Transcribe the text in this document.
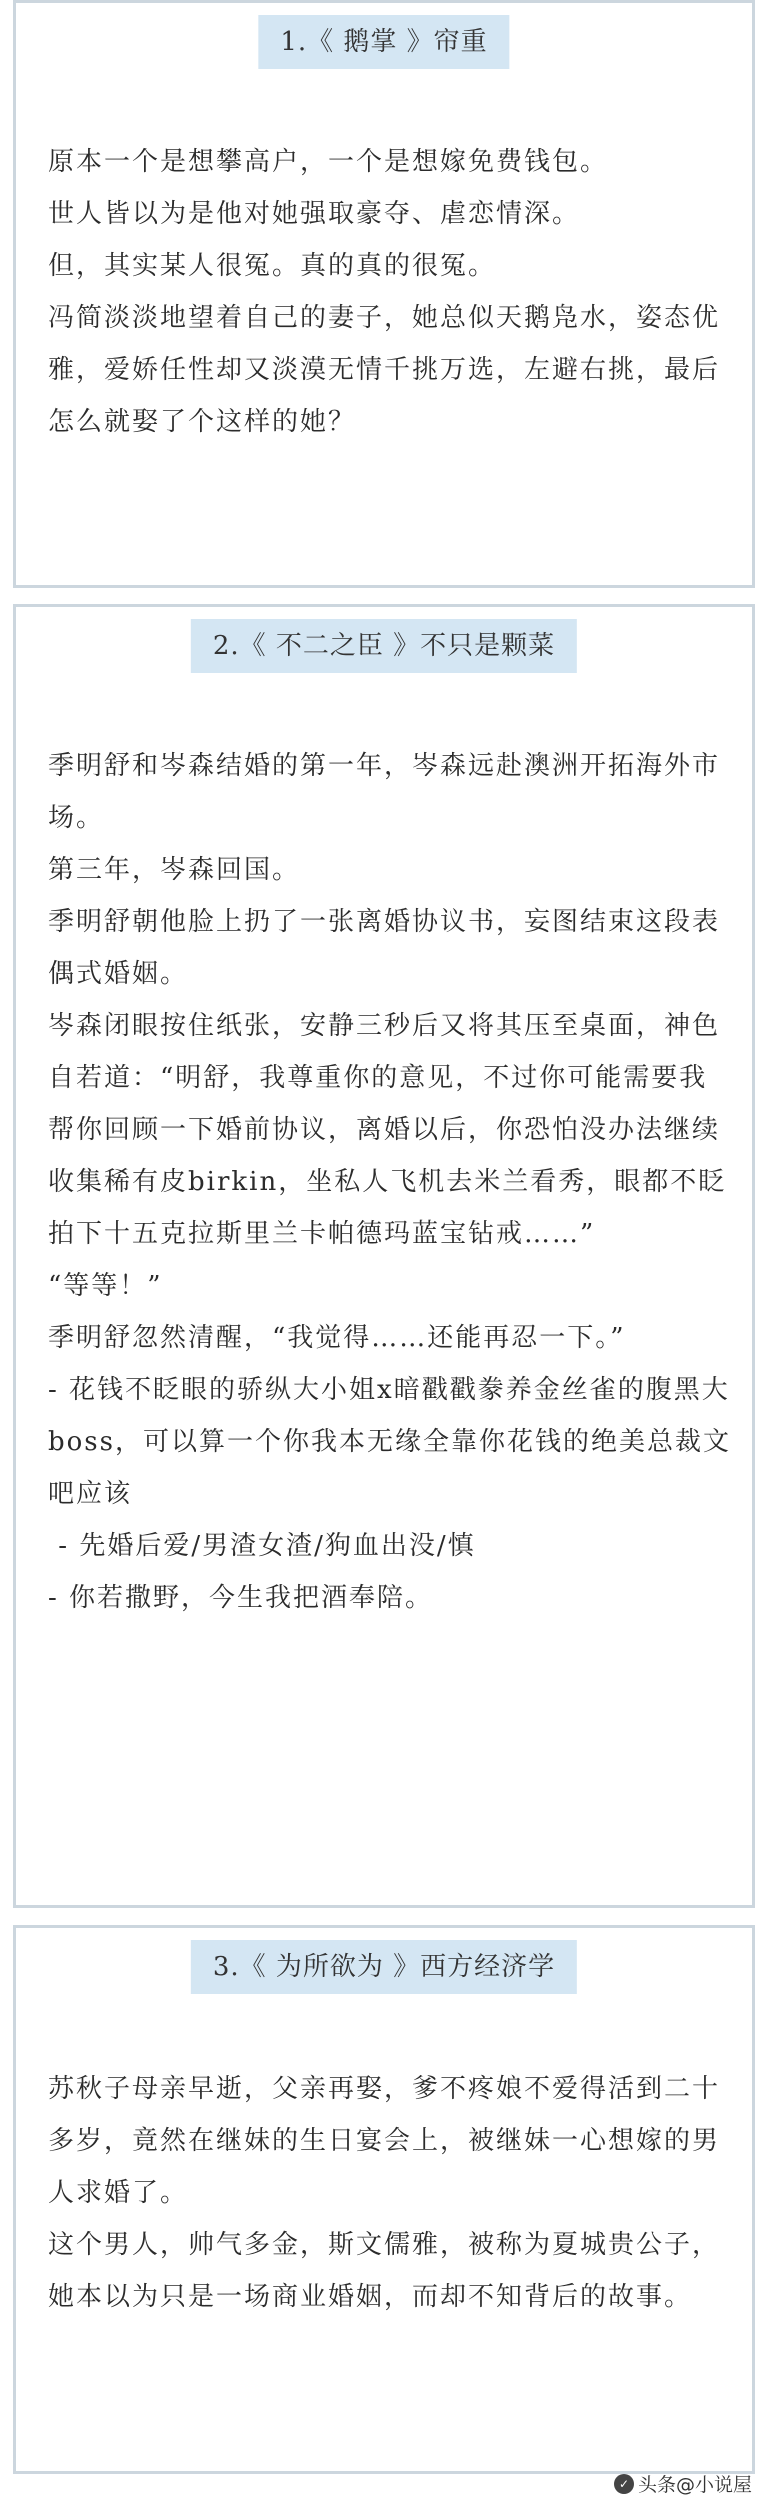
1.《 鹅掌 》帘重

原本一个是想攀高户，一个是想嫁免费钱包。

世人皆以为是他对她强取豪夺、虐恋情深。

但，其实某人很冤。真的真的很冤。

冯简淡淡地望着自己的妻子，她总似天鹅凫水，姿态优雅，爱娇任性却又淡漠无情千挑万选，左避右挑，最后怎么就娶了个这样的她？

2.《 不二之臣 》不只是颗菜

季明舒和岑森结婚的第一年，岑森远赴澳洲开拓海外市场。

第三年，岑森回国。

季明舒朝他脸上扔了一张离婚协议书，妄图结束这段表偶式婚姻。

岑森闭眼按住纸张，安静三秒后又将其压至桌面，神色自若道：“明舒，我尊重你的意见，不过你可能需要我帮你回顾一下婚前协议，离婚以后，你恐怕没办法继续收集稀有皮birkin，坐私人飞机去米兰看秀，眼都不眨拍下十五克拉斯里兰卡帕德玛蓝宝钻戒……”

“等等！”

季明舒忽然清醒，“我觉得……还能再忍一下。”

- 花钱不眨眼的骄纵大小姐x暗戳戳豢养金丝雀的腹黑大boss，可以算一个你我本无缘全靠你花钱的绝美总裁文吧应该

- 先婚后爱/男渣女渣/狗血出没/慎

- 你若撒野，今生我把酒奉陪。

3.《 为所欲为 》西方经济学

苏秋子母亲早逝，父亲再娶，爹不疼娘不爱得活到二十多岁，竟然在继妹的生日宴会上，被继妹一心想嫁的男人求婚了。

这个男人，帅气多金，斯文儒雅，被称为夏城贵公子，她本以为只是一场商业婚姻，而却不知背后的故事。

✓ 头条@小说屋
